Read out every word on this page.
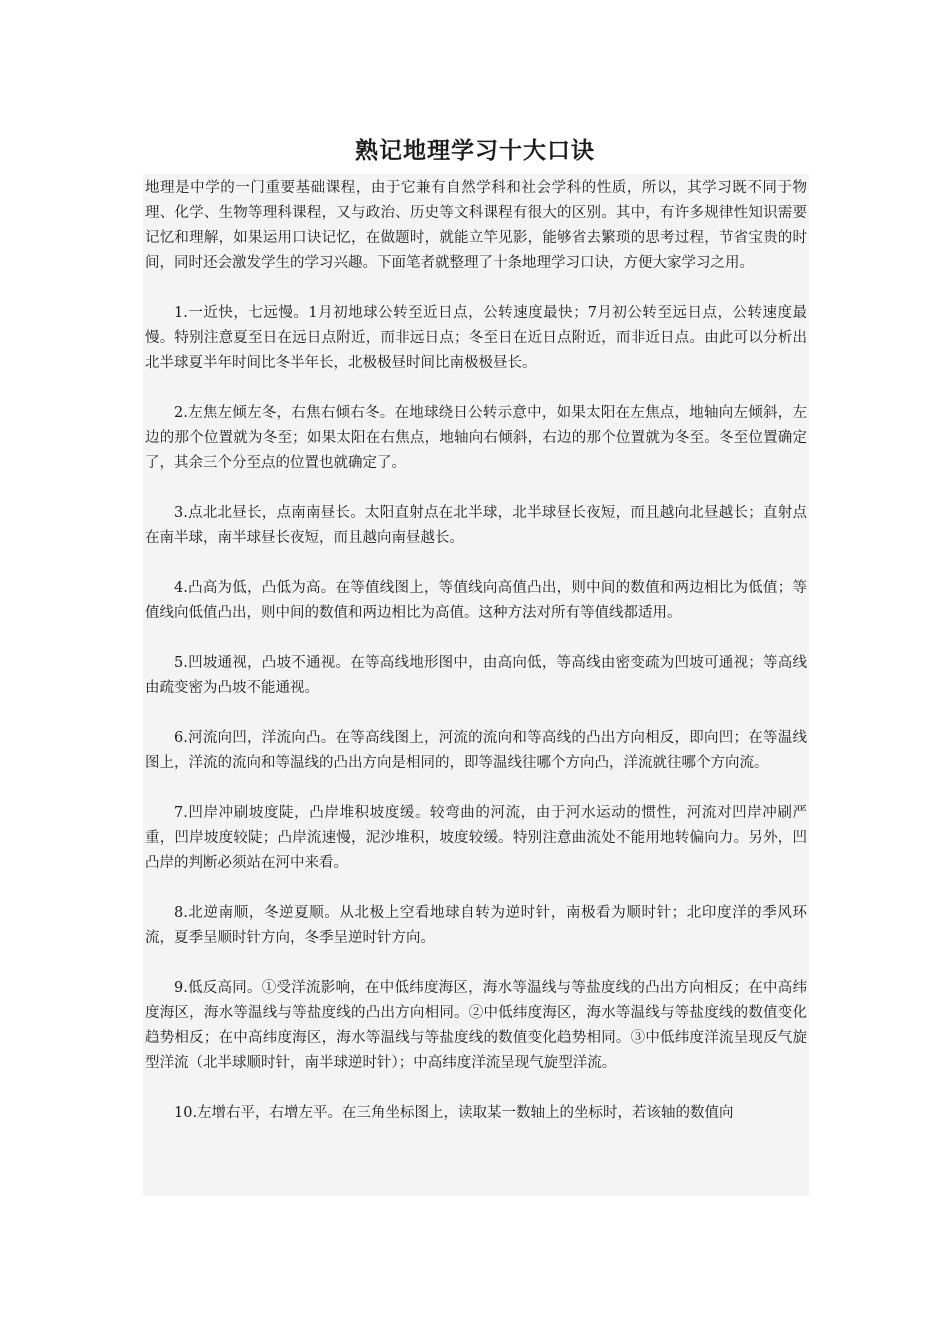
熟记地理学习十大口诀

地理是中学的一门重要基础课程，由于它兼有自然学科和社会学科的性质，所以，其学习既不同于物理、化学、生物等理科课程，又与政治、历史等文科课程有很大的区别。其中，有许多规律性知识需要记忆和理解，如果运用口诀记忆，在做题时，就能立竿见影，能够省去繁琐的思考过程，节省宝贵的时间，同时还会激发学生的学习兴趣。下面笔者就整理了十条地理学习口诀，方便大家学习之用。

1.一近快，七远慢。1月初地球公转至近日点，公转速度最快；7月初公转至远日点，公转速度最慢。特别注意夏至日在远日点附近，而非远日点；冬至日在近日点附近，而非近日点。由此可以分析出北半球夏半年时间比冬半年长，北极极昼时间比南极极昼长。

2.左焦左倾左冬，右焦右倾右冬。在地球绕日公转示意中，如果太阳在左焦点，地轴向左倾斜，左边的那个位置就为冬至；如果太阳在右焦点，地轴向右倾斜，右边的那个位置就为冬至。冬至位置确定了，其余三个分至点的位置也就确定了。

3.点北北昼长，点南南昼长。太阳直射点在北半球，北半球昼长夜短，而且越向北昼越长；直射点在南半球，南半球昼长夜短，而且越向南昼越长。

4.凸高为低，凸低为高。在等值线图上，等值线向高值凸出，则中间的数值和两边相比为低值；等值线向低值凸出，则中间的数值和两边相比为高值。这种方法对所有等值线都适用。

5.凹坡通视，凸坡不通视。在等高线地形图中，由高向低，等高线由密变疏为凹坡可通视；等高线由疏变密为凸坡不能通视。

6.河流向凹，洋流向凸。在等高线图上，河流的流向和等高线的凸出方向相反，即向凹；在等温线图上，洋流的流向和等温线的凸出方向是相同的，即等温线往哪个方向凸，洋流就往哪个方向流。

7.凹岸冲刷坡度陡，凸岸堆积坡度缓。较弯曲的河流，由于河水运动的惯性，河流对凹岸冲刷严重，凹岸坡度较陡；凸岸流速慢，泥沙堆积，坡度较缓。特别注意曲流处不能用地转偏向力。另外，凹凸岸的判断必须站在河中来看。

8.北逆南顺，冬逆夏顺。从北极上空看地球自转为逆时针，南极看为顺时针；北印度洋的季风环流，夏季呈顺时针方向，冬季呈逆时针方向。

9.低反高同。①受洋流影响，在中低纬度海区，海水等温线与等盐度线的凸出方向相反；在中高纬度海区，海水等温线与等盐度线的凸出方向相同。②中低纬度海区，海水等温线与等盐度线的数值变化趋势相反；在中高纬度海区，海水等温线与等盐度线的数值变化趋势相同。③中低纬度洋流呈现反气旋型洋流（北半球顺时针，南半球逆时针）；中高纬度洋流呈现气旋型洋流。

10.左增右平，右增左平。在三角坐标图上，读取某一数轴上的坐标时，若该轴的数值向
